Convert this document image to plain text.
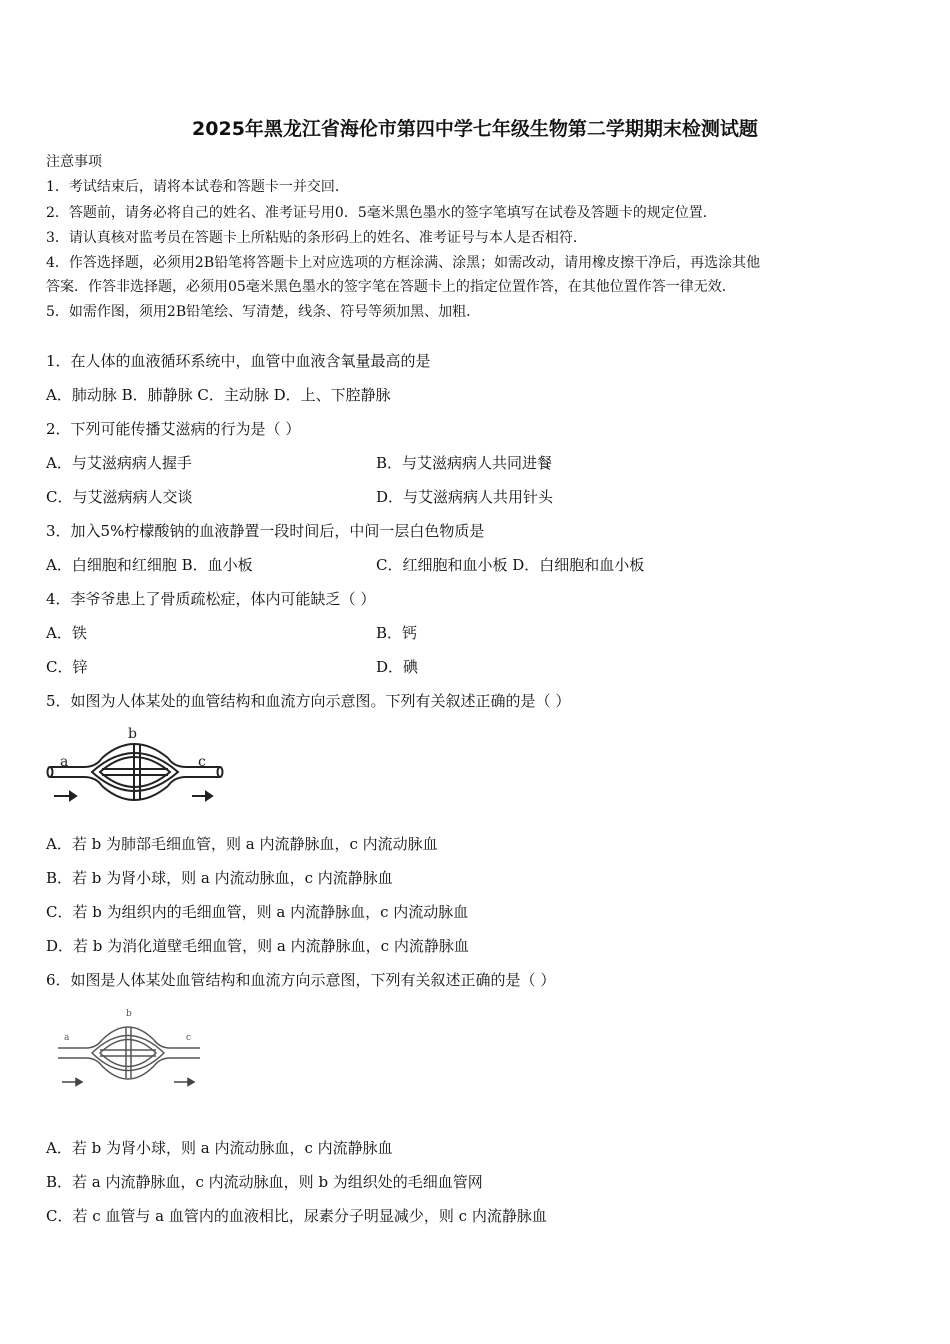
2025年黑龙江省海伦市第四中学七年级生物第二学期期末检测试题
注意事项
1．考试结束后，请将本试卷和答题卡一并交回．
2．答题前，请务必将自己的姓名、准考证号用0．5毫米黑色墨水的签字笔填写在试卷及答题卡的规定位置．
3．请认真核对监考员在答题卡上所粘贴的条形码上的姓名、准考证号与本人是否相符．
4．作答选择题，必须用2B铅笔将答题卡上对应选项的方框涂满、涂黑；如需改动，请用橡皮擦干净后，再选涂其他
答案．作答非选择题，必须用05毫米黑色墨水的签字笔在答题卡上的指定位置作答，在其他位置作答一律无效．
5．如需作图，须用2B铅笔绘、写清楚，线条、符号等须加黑、加粗．
1．在人体的血液循环系统中，血管中血液含氧量最高的是
A．肺动脉 B．肺静脉 C．主动脉 D．上、下腔静脉
2．下列可能传播艾滋病的行为是（ ）
A．与艾滋病病人握手	B．与艾滋病病人共同进餐
C．与艾滋病病人交谈	D．与艾滋病病人共用针头
3．加入5%柠檬酸钠的血液静置一段时间后，中间一层白色物质是
A．白细胞和红细胞 B．血小板	C．红细胞和血小板 D．白细胞和血小板
4．李爷爷患上了骨质疏松症，体内可能缺乏（ ）
A．铁	B．钙
C．锌	D．碘
5．如图为人体某处的血管结构和血流方向示意图。下列有关叙述正确的是（ ）
a
b
c
A．若 b 为肺部毛细血管，则 a 内流静脉血，c 内流动脉血
B．若 b 为肾小球，则 a 内流动脉血，c 内流静脉血
C．若 b 为组织内的毛细血管，则 a 内流静脉血，c 内流动脉血
D．若 b 为消化道壁毛细血管，则 a 内流静脉血，c 内流静脉血
6．如图是人体某处血管结构和血流方向示意图，下列有关叙述正确的是（ ）
a
b
c
A．若 b 为肾小球，则 a 内流动脉血，c 内流静脉血
B．若 a 内流静脉血，c 内流动脉血，则 b 为组织处的毛细血管网
C．若 c 血管与 a 血管内的血液相比，尿素分子明显减少，则 c 内流静脉血
